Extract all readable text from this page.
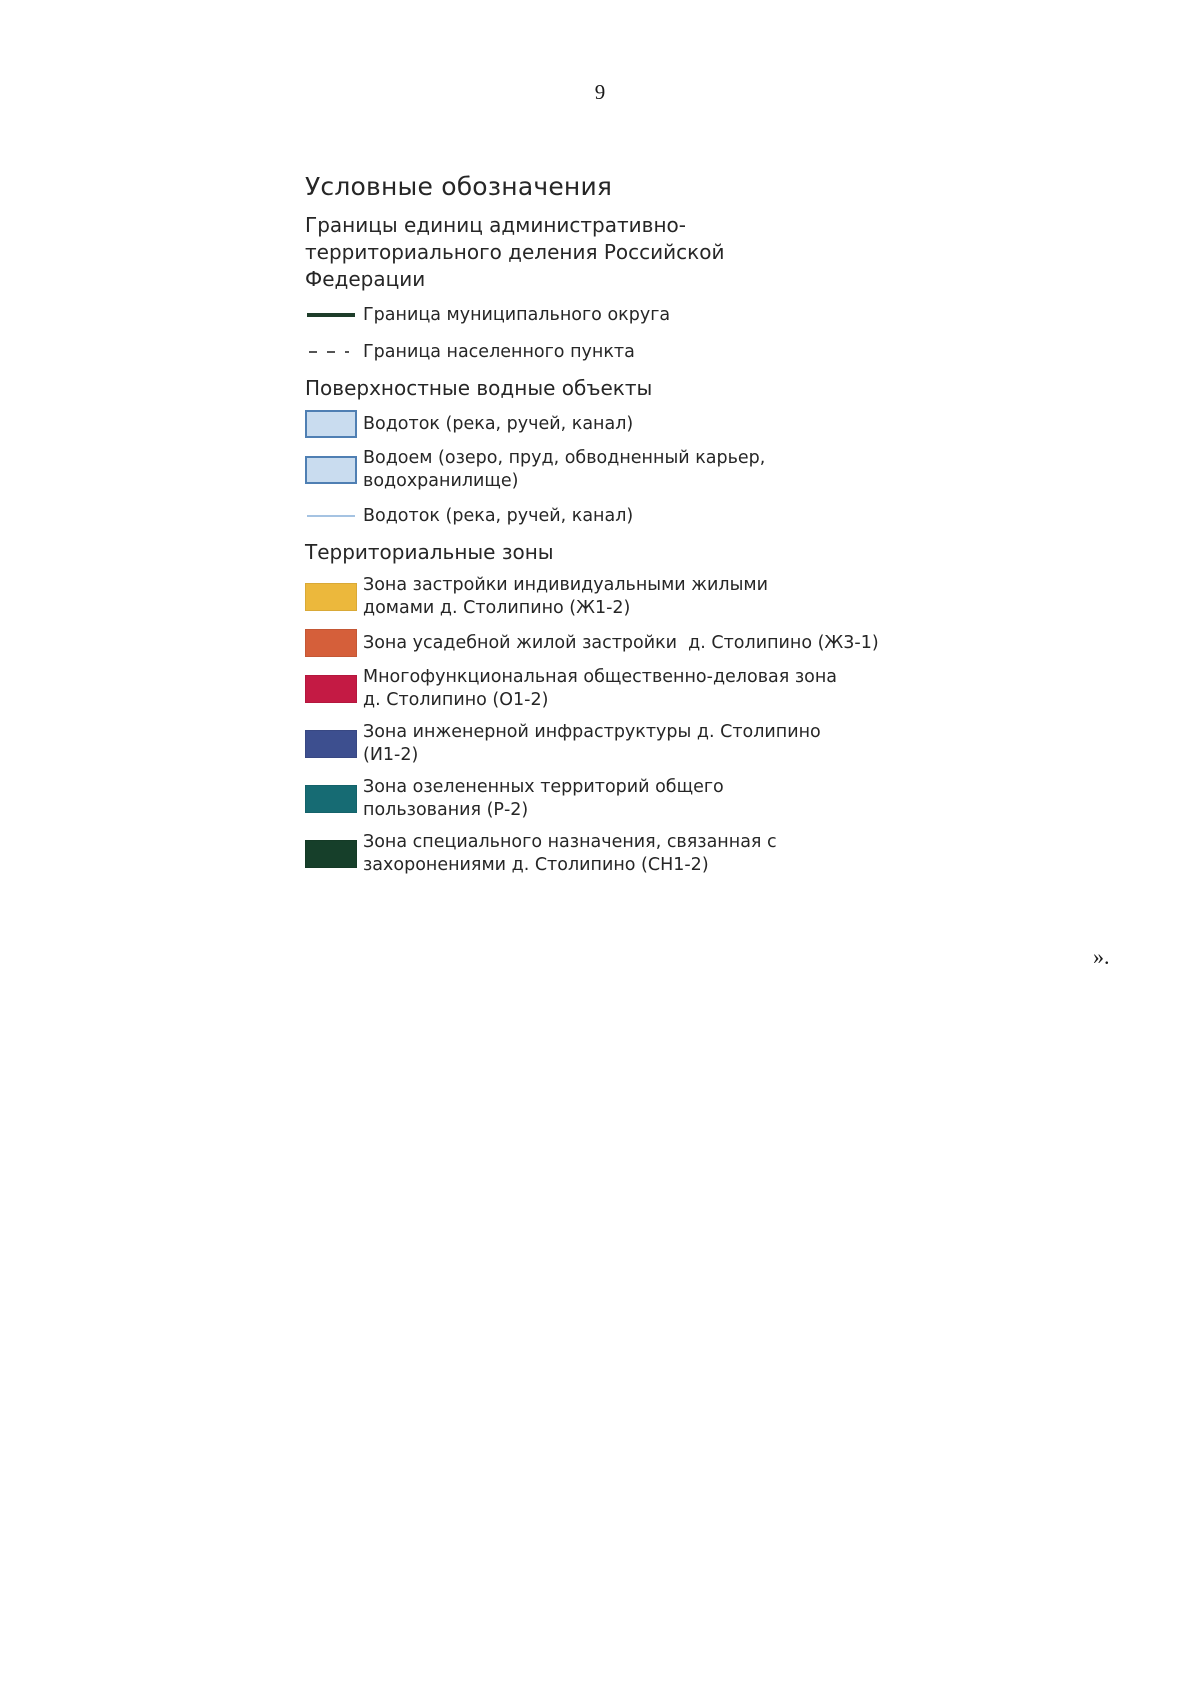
9
Условные обозначения
Границы единиц административно-территориального деления Российской Федерации
Граница муниципального округа
Граница населенного пункта
Поверхностные водные объекты
Водоток (река, ручей, канал)
Водоем (озеро, пруд, обводненный карьер, водохранилище)
Водоток (река, ручей, канал)
Территориальные зоны
Зона застройки индивидуальными жилыми домами д. Столипино (Ж1-2)
Зона усадебной жилой застройки  д. Столипино (Ж3-1)
Многофункциональная общественно-деловая зона д. Столипино (О1-2)
Зона инженерной инфраструктуры д. Столипино (И1-2)
Зона озелененных территорий общего пользования (Р-2)
Зона специального назначения, связанная с захоронениями д. Столипино (СН1-2)
».
